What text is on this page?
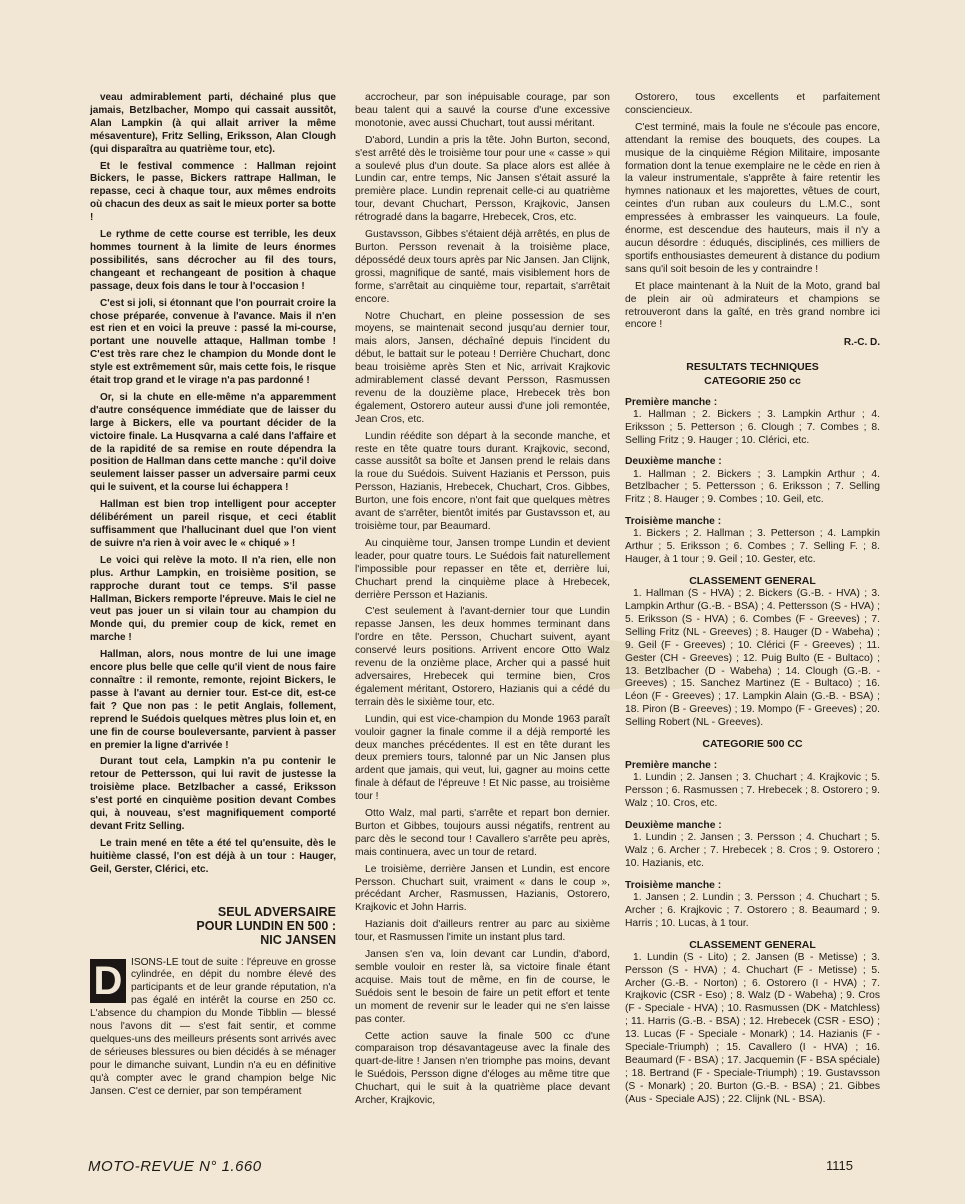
veau admirablement parti, déchainé plus que jamais, Betzlbacher, Mompo qui cassait aussitôt, Alan Lampkin (à qui allait arriver la même mésaventure), Fritz Selling, Eriksson, Alan Clough (qui disparaîtra au quatrième tour, etc).

Et le festival commence : Hallman rejoint Bickers, le passe, Bickers rattrape Hallman, le repasse, ceci à chaque tour, aux mêmes endroits où chacun des deux as sait le mieux porter sa botte !

Le rythme de cette course est terrible, les deux hommes tournent à la limite de leurs énormes possibilités, sans décrocher au fil des tours, changeant et rechangeant de position à chaque passage, deux fois dans le tour à l'occasion !

C'est si joli, si étonnant que l'on pourrait croire la chose préparée, convenue à l'avance. Mais il n'en est rien et en voici la preuve : passé la mi-course, portant une nouvelle attaque, Hallman tombe ! C'est très rare chez le champion du Monde dont le style est extrêmement sûr, mais cette fois, le risque était trop grand et le virage n'a pas pardonné !

Or, si la chute en elle-même n'a apparemment d'autre conséquence immédiate que de laisser du large à Bickers, elle va pourtant décider de la victoire finale. La Husqvarna a calé dans l'affaire et de la rapidité de sa remise en route dépendra la position de Hallman dans cette manche : qu'il doive seulement laisser passer un adversaire parmi ceux qui le suivent, et la course lui échappera !

Hallman est bien trop intelligent pour accepter délibérément un pareil risque, et ceci établit suffisamment que l'hallucinant duel que l'on vient de suivre n'a rien à voir avec le « chiqué » !

Le voici qui relève la moto. Il n'a rien, elle non plus. Arthur Lampkin, en troisième position, se rapproche durant tout ce temps. S'il passe Hallman, Bickers remporte l'épreuve. Mais le ciel ne veut pas jouer un si vilain tour au champion du Monde qui, du premier coup de kick, remet en marche !

Hallman, alors, nous montre de lui une image encore plus belle que celle qu'il vient de nous faire connaître : il remonte, remonte, rejoint Bickers, le passe à l'avant au dernier tour. Est-ce dit, est-ce fait ? Que non pas : le petit Anglais, follement, reprend le Suédois quelques mètres plus loin et, en une fin de course bouleversante, parvient à passer en premier la ligne d'arrivée !

Durant tout cela, Lampkin n'a pu contenir le retour de Pettersson, qui lui ravit de justesse la troisième place. Betzlbacher a cassé, Eriksson s'est porté en cinquième position devant Combes qui, à nouveau, s'est magnifiquement comporté devant Fritz Selling.

Le train mené en tête a été tel qu'ensuite, dès le huitième classé, l'on est déjà à un tour : Hauger, Geil, Gerster, Clérici, etc.

SEUL ADVERSAIRE
POUR LUNDIN EN 500 :
NIC JANSEN
D ISONS-LE tout de suite : l'épreuve en grosse cylindrée, en dépit du nombre élevé des participants et de leur grande réputation, n'a pas égalé en intérêt la course en 250 cc. L'absence du champion du Monde Tibblin — blessé nous l'avons dit — s'est fait sentir, et comme quelques-uns des meilleurs présents sont arrivés avec de sérieuses blessures ou bien décidés à se ménager pour le dimanche suivant, Lundin n'a eu en définitive qu'à compter avec le grand champion belge Nic Jansen. C'est ce dernier, par son tempérament

accrocheur, par son inépuisable courage, par son beau talent qui a sauvé la course d'une excessive monotonie, avec aussi Chuchart, tout aussi méritant.

D'abord, Lundin a pris la tête. John Burton, second, s'est arrêté dès le troisième tour pour une « casse » qui a soulevé plus d'un doute. Sa place alors est allée à Lundin car, entre temps, Nic Jansen s'était assuré la première place. Lundin reprenait celle-ci au quatrième tour, devant Chuchart, Persson, Krajkovic, Jansen rétrogradé dans la bagarre, Hrebecek, Cros, etc.

Gustavsson, Gibbes s'étaient déjà arrêtés, en plus de Burton. Persson revenait à la troisième place, dépossédé deux tours après par Nic Jansen. Jan Clijnk, grossi, magnifique de santé, mais visiblement hors de forme, s'arrêtait au cinquième tour, repartait, s'arrêtait encore.

Notre Chuchart, en pleine possession de ses moyens, se maintenait second jusqu'au dernier tour, mais alors, Jansen, déchaîné depuis l'incident du début, le battait sur le poteau ! Derrière Chuchart, donc beau troisième après Sten et Nic, arrivait Krajkovic admirablement classé devant Persson, Rasmussen revenu de la douzième place, Hrebecek très bon également, Ostorero auteur aussi d'une joli remontée, Jean Cros, etc.

Lundin réédite son départ à la seconde manche, et reste en tête quatre tours durant. Krajkovic, second, casse aussitôt sa boîte et Jansen prend le relais dans la roue du Suédois. Suivent Hazianis et Persson, puis Persson, Hazianis, Hrebecek, Chuchart, Cros. Gibbes, Burton, une fois encore, n'ont fait que quelques mètres avant de s'arrêter, bientôt imités par Gustavsson et, au troisième tour, par Beaumard.

Au cinquième tour, Jansen trompe Lundin et devient leader, pour quatre tours. Le Suédois fait naturellement l'impossible pour repasser en tête et, derrière lui, Chuchart prend la cinquième place à Hrebecek, derrière Persson et Hazianis.

C'est seulement à l'avant-dernier tour que Lundin repasse Jansen, les deux hommes terminant dans l'ordre en tête. Persson, Chuchart suivent, ayant conservé leurs positions. Arrivent encore Otto Walz revenu de la onzième place, Archer qui a passé huit adversaires, Hrebecek qui termine bien, Cros également méritant, Ostorero, Hazianis qui a cédé du terrain dès le sixième tour, etc.

Lundin, qui est vice-champion du Monde 1963 paraît vouloir gagner la finale comme il a déjà remporté les deux manches précédentes. Il est en tête durant les deux premiers tours, talonné par un Nic Jansen plus ardent que jamais, qui veut, lui, gagner au moins cette finale à défaut de l'épreuve ! Et Nic passe, au troisième tour !

Otto Walz, mal parti, s'arrête et repart bon dernier. Burton et Gibbes, toujours aussi négatifs, rentrent au parc dès le second tour ! Cavallero s'arrête peu après, mais continuera, avec un tour de retard.

Le troisième, derrière Jansen et Lundin, est encore Persson. Chuchart suit, vraiment « dans le coup », précédant Archer, Rasmussen, Hazianis, Ostorero, Krajkovic et John Harris.

Hazianis doit d'ailleurs rentrer au parc au sixième tour, et Rasmussen l'imite un instant plus tard.

Jansen s'en va, loin devant car Lundin, d'abord, semble vouloir en rester là, sa victoire finale étant acquise. Mais tout de même, en fin de course, le Suédois sent le besoin de faire un petit effort et tente un moment de revenir sur le leader qui ne s'en laisse pas conter.

Cette action sauve la finale 500 cc d'une comparaison trop désavantageuse avec la finale des quart-de-litre ! Jansen n'en triomphe pas moins, devant le Suédois, Persson digne d'éloges au même titre que Chuchart, qui le suit à la quatrième place devant Archer, Krajkovic,

Ostorero, tous excellents et parfaitement consciencieux.

C'est terminé, mais la foule ne s'écoule pas encore, attendant la remise des bouquets, des coupes. La musique de la cinquième Région Militaire, imposante formation dont la tenue exemplaire ne le cède en rien à la valeur instrumentale, s'apprête à faire retentir les hymnes nationaux et les majorettes, vêtues de court, ceintes d'un ruban aux couleurs du L.M.C., sont empressées à embrasser les vainqueurs. La foule, énorme, est descendue des hauteurs, mais il n'y a aucun désordre : éduqués, disciplinés, ces milliers de sportifs enthousiastes demeurent à distance du podium sans qu'il soit besoin de les y contraindre !

Et place maintenant à la Nuit de la Moto, grand bal de plein air où admirateurs et champions se retrouveront dans la gaîté, en très grand nombre ici encore !

R.-C. D.
RESULTATS TECHNIQUES
CATEGORIE 250 cc
Première manche :
1. Hallman ; 2. Bickers ; 3. Lampkin Arthur ; 4. Eriksson ; 5. Petterson ; 6. Clough ; 7. Combes ; 8. Selling Fritz ; 9. Hauger ; 10. Clérici, etc.
Deuxième manche :
1. Hallman ; 2. Bickers ; 3. Lampkin Arthur ; 4. Betzlbacher ; 5. Pettersson ; 6. Eriksson ; 7. Selling Fritz ; 8. Hauger ; 9. Combes ; 10. Geil, etc.
Troisième manche :
1. Bickers ; 2. Hallman ; 3. Petterson ; 4. Lampkin Arthur ; 5. Eriksson ; 6. Combes ; 7. Selling F. ; 8. Hauger, à 1 tour ; 9. Geil ; 10. Gester, etc.
CLASSEMENT GENERAL
1. Hallman (S - HVA) ; 2. Bickers (G.-B. - HVA) ; 3. Lampkin Arthur (G.-B. - BSA) ; 4. Pettersson (S - HVA) ; 5. Eriksson (S - HVA) ; 6. Combes (F - Greeves) ; 7. Selling Fritz (NL - Greeves) ; 8. Hauger (D - Wabeha) ; 9. Geil (F - Greeves) ; 10. Clérici (F - Greeves) ; 11. Gester (CH - Greeves) ; 12. Puig Bulto (E - Bultaco) ; 13. Betzlbacher (D - Wabeha) ; 14. Clough (G.-B. - Greeves) ; 15. Sanchez Martinez (E - Bultaco) ; 16. Léon (F - Greeves) ; 17. Lampkin Alain (G.-B. - BSA) ; 18. Piron (B - Greeves) ; 19. Mompo (F - Greeves) ; 20. Selling Robert (NL - Greeves).
CATEGORIE 500 CC
Première manche :
1. Lundin ; 2. Jansen ; 3. Chuchart ; 4. Krajkovic ; 5. Persson ; 6. Rasmussen ; 7. Hrebecek ; 8. Ostorero ; 9. Walz ; 10. Cros, etc.
Deuxième manche :
1. Lundin ; 2. Jansen ; 3. Persson ; 4. Chuchart ; 5. Walz ; 6. Archer ; 7. Hrebecek ; 8. Cros ; 9. Ostorero ; 10. Hazianis, etc.
Troisième manche :
1. Jansen ; 2. Lundin ; 3. Persson ; 4. Chuchart ; 5. Archer ; 6. Krajkovic ; 7. Ostorero ; 8. Beaumard ; 9. Harris ; 10. Lucas, à 1 tour.
CLASSEMENT GENERAL
1. Lundin (S - Lito) ; 2. Jansen (B - Metisse) ; 3. Persson (S - HVA) ; 4. Chuchart (F - Metisse) ; 5. Archer (G.-B. - Norton) ; 6. Ostorero (I - HVA) ; 7. Krajkovic (CSR - Eso) ; 8. Walz (D - Wabeha) ; 9. Cros (F - Speciale - HVA) ; 10. Rasmussen (DK - Matchless) ; 11. Harris (G.-B. - BSA) ; 12. Hrebecek (CSR - ESO) ; 13. Lucas (F - Speciale - Monark) ; 14. Hazianis (F - Speciale-Triumph) ; 15. Cavallero (I - HVA) ; 16. Beaumard (F - BSA) ; 17. Jacquemin (F - BSA spéciale) ; 18. Bertrand (F - Speciale-Triumph) ; 19. Gustavsson (S - Monark) ; 20. Burton (G.-B. - BSA) ; 21. Gibbes (Aus - Speciale AJS) ; 22. Clijnk (NL - BSA).
MOTO-REVUE N° 1.660	1115
